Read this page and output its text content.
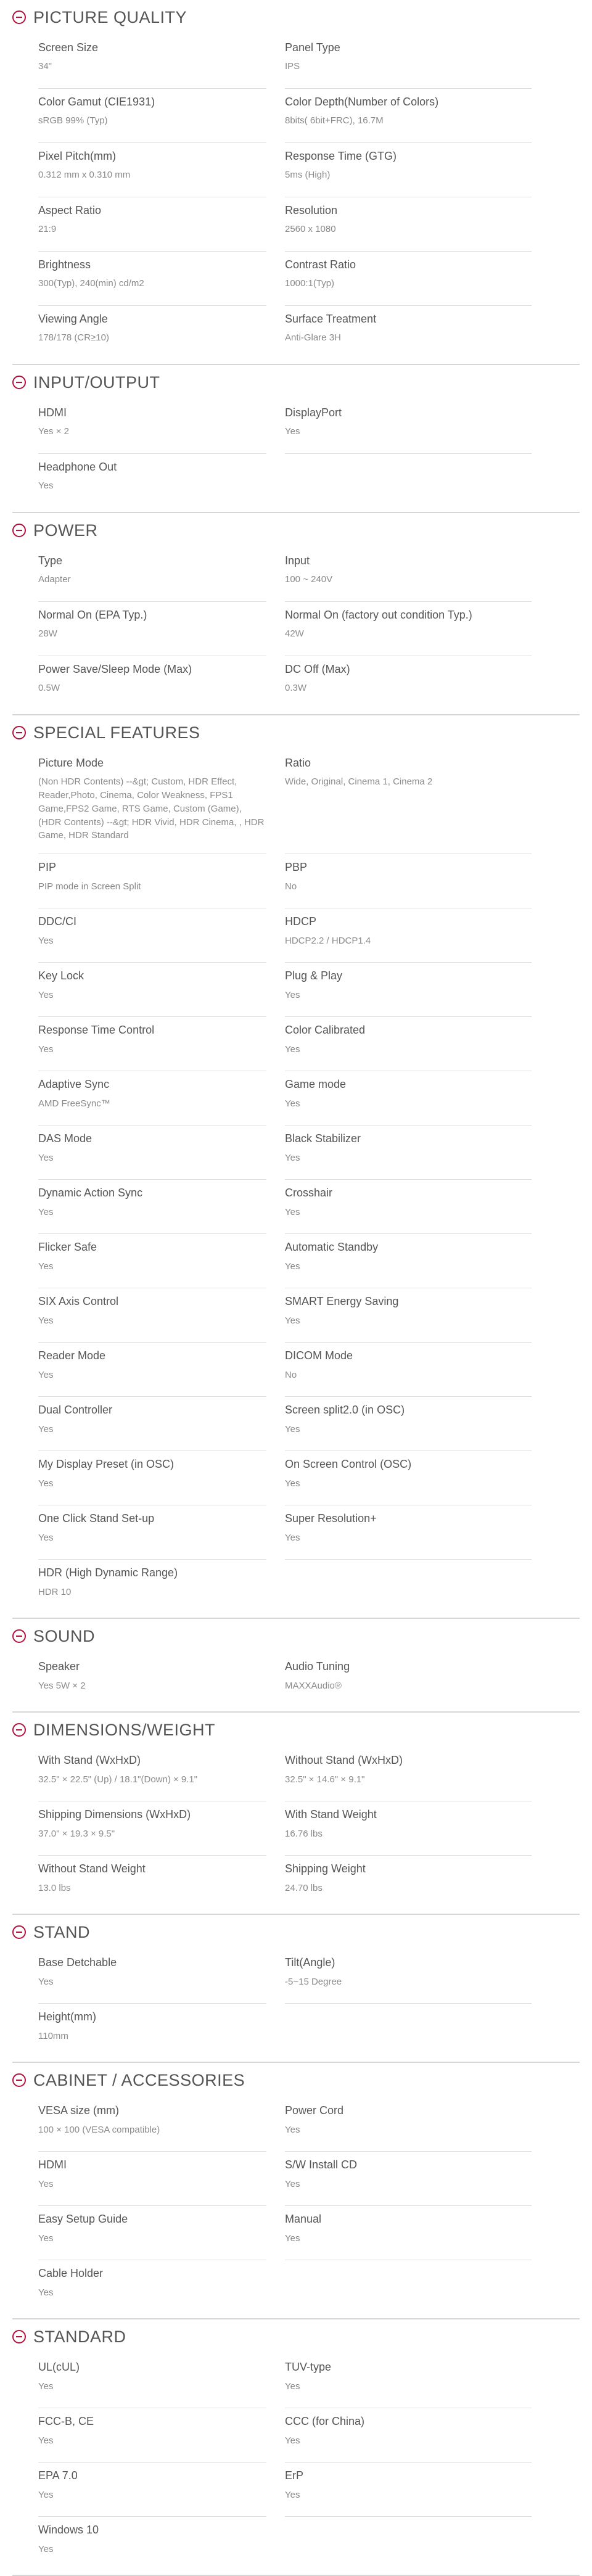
PICTURE QUALITY
Screen Size
34"
Panel Type
IPS
Color Gamut (CIE1931)
sRGB 99% (Typ)
Color Depth(Number of Colors)
8bits( 6bit+FRC), 16.7M
Pixel Pitch(mm)
0.312 mm x 0.310 mm
Response Time (GTG)
5ms (High)
Aspect Ratio
21:9
Resolution
2560 x 1080
Brightness
300(Typ), 240(min) cd/m2
Contrast Ratio
1000:1(Typ)
Viewing Angle
178/178 (CR≥10)
Surface Treatment
Anti-Glare 3H
INPUT/OUTPUT
HDMI
Yes × 2
DisplayPort
Yes
Headphone Out
Yes
POWER
Type
Adapter
Input
100 ~ 240V
Normal On (EPA Typ.)
28W
Normal On (factory out condition Typ.)
42W
Power Save/Sleep Mode (Max)
0.5W
DC Off (Max)
0.3W
SPECIAL FEATURES
Picture Mode
(Non HDR Contents) --&gt; Custom, HDR Effect, Reader,Photo, Cinema, Color Weakness, FPS1 Game,FPS2 Game, RTS Game, Custom (Game), (HDR Contents) --&gt; HDR Vivid, HDR Cinema, , HDR Game, HDR Standard
Ratio
Wide, Original, Cinema 1, Cinema 2
PIP
PIP mode in Screen Split
PBP
No
DDC/CI
Yes
HDCP
HDCP2.2 / HDCP1.4
Key Lock
Yes
Plug & Play
Yes
Response Time Control
Yes
Color Calibrated
Yes
Adaptive Sync
AMD FreeSync™
Game mode
Yes
DAS Mode
Yes
Black Stabilizer
Yes
Dynamic Action Sync
Yes
Crosshair
Yes
Flicker Safe
Yes
Automatic Standby
Yes
SIX Axis Control
Yes
SMART Energy Saving
Yes
Reader Mode
Yes
DICOM Mode
No
Dual Controller
Yes
Screen split2.0 (in OSC)
Yes
My Display Preset (in OSC)
Yes
On Screen Control (OSC)
Yes
One Click Stand Set-up
Yes
Super Resolution+
Yes
HDR (High Dynamic Range)
HDR 10
SOUND
Speaker
Yes 5W × 2
Audio Tuning
MAXXAudio®
DIMENSIONS/WEIGHT
With Stand (WxHxD)
32.5" × 22.5" (Up) / 18.1"(Down) × 9.1"
Without Stand (WxHxD)
32.5" × 14.6" × 9.1"
Shipping Dimensions (WxHxD)
37.0" × 19.3 × 9.5"
With Stand Weight
16.76 lbs
Without Stand Weight
13.0 lbs
Shipping Weight
24.70 lbs
STAND
Base Detchable
Yes
Tilt(Angle)
-5~15 Degree
Height(mm)
110mm
CABINET / ACCESSORIES
VESA size (mm)
100 × 100 (VESA compatible)
Power Cord
Yes
HDMI
Yes
S/W Install CD
Yes
Easy Setup Guide
Yes
Manual
Yes
Cable Holder
Yes
STANDARD
UL(cUL)
Yes
TUV-type
Yes
FCC-B, CE
Yes
CCC (for China)
Yes
EPA 7.0
Yes
ErP
Yes
Windows 10
Yes
